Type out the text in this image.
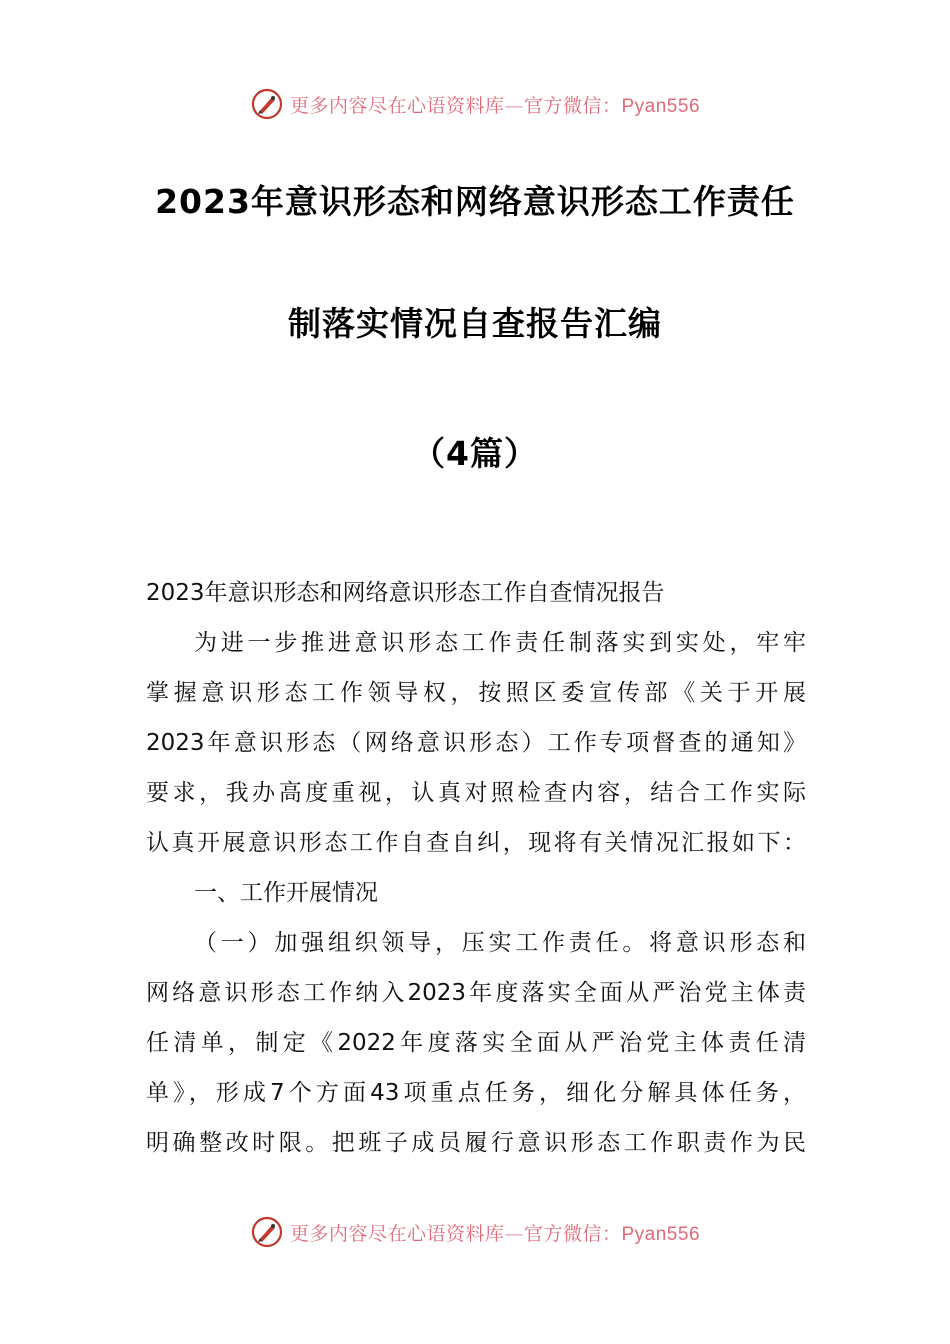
更多内容尽在心语资料库—官方微信：Pyan556
2023年意识形态和网络意识形态工作责任
制落实情况自查报告汇编
（4篇）
2023年意识形态和网络意识形态工作自查情况报告
为进一步推进意识形态工作责任制落实到实处，牢牢
掌握意识形态工作领导权，按照区委宣传部《关于开展
2023年意识形态（网络意识形态）工作专项督查的通知》
要求，我办高度重视，认真对照检查内容，结合工作实际
认真开展意识形态工作自查自纠，现将有关情况汇报如下：
一、工作开展情况
（一）加强组织领导，压实工作责任。将意识形态和
网络意识形态工作纳入2023年度落实全面从严治党主体责
任清单，制定《2022年度落实全面从严治党主体责任清
单》，形成7个方面43项重点任务，细化分解具体任务，
明确整改时限。把班子成员履行意识形态工作职责作为民
更多内容尽在心语资料库—官方微信：Pyan556
